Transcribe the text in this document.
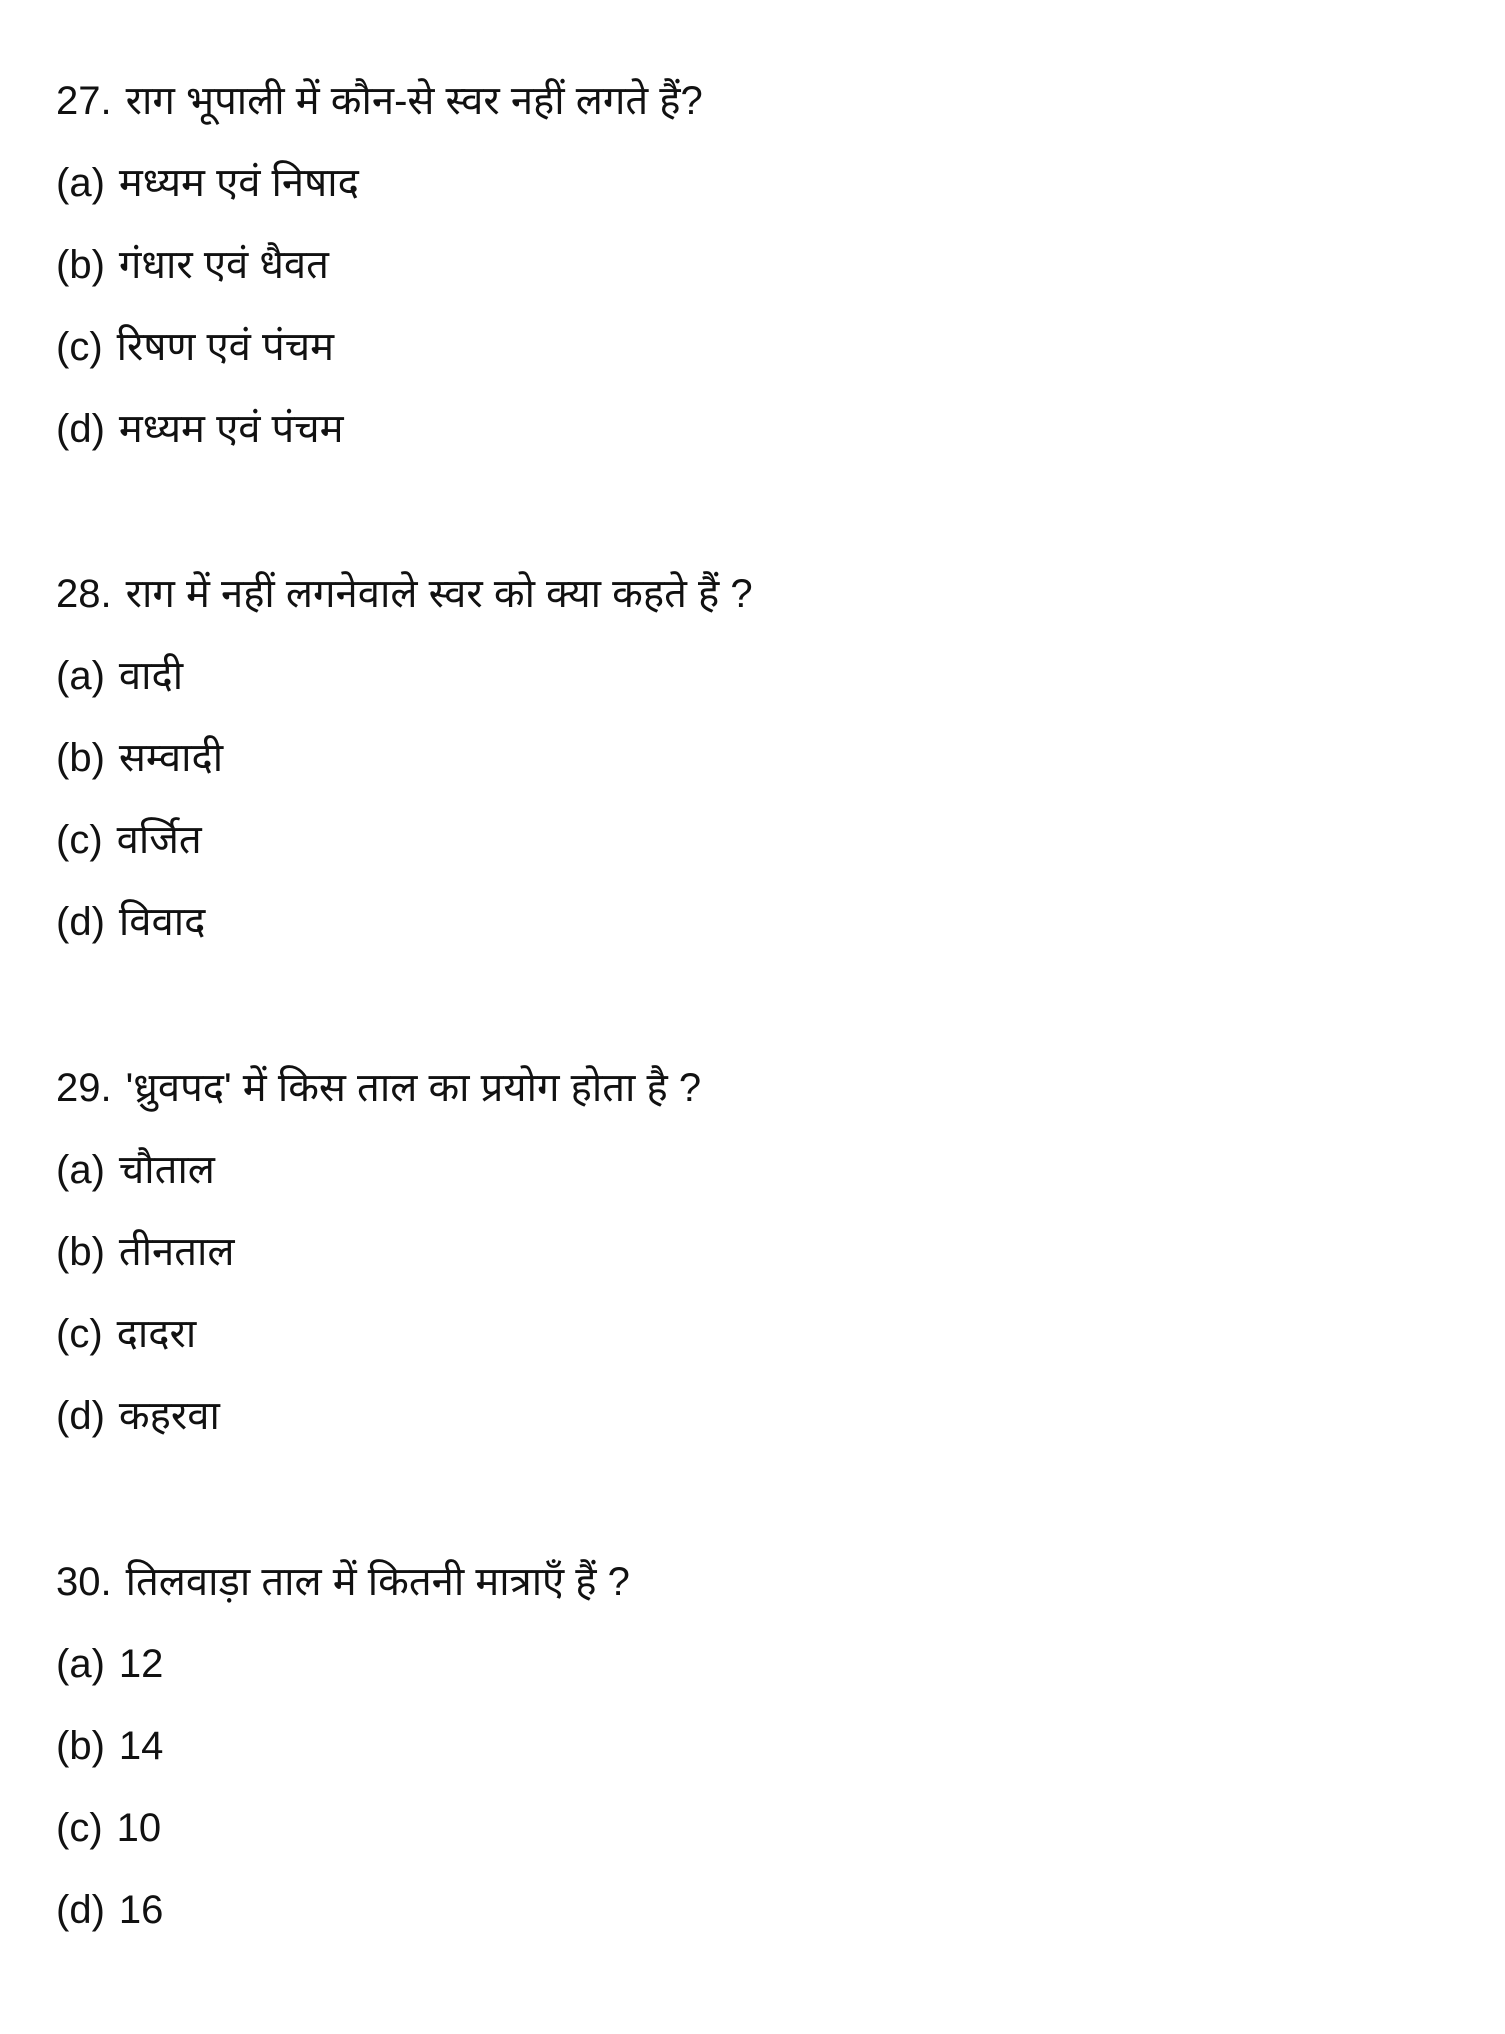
27. राग भूपाली में कौन-से स्वर नहीं लगते हैं?
(a) मध्यम एवं निषाद
(b) गंधार एवं धैवत
(c) रिषण एवं पंचम
(d) मध्यम एवं पंचम
28. राग में नहीं लगनेवाले स्वर को क्या कहते हैं ?
(a) वादी
(b) सम्वादी
(c) वर्जित
(d) विवाद
29. 'ध्रुवपद' में किस ताल का प्रयोग होता है ?
(a) चौताल
(b) तीनताल
(c) दादरा
(d) कहरवा
30. तिलवाड़ा ताल में कितनी मात्राएँ हैं ?
(a) 12
(b) 14
(c) 10
(d) 16
